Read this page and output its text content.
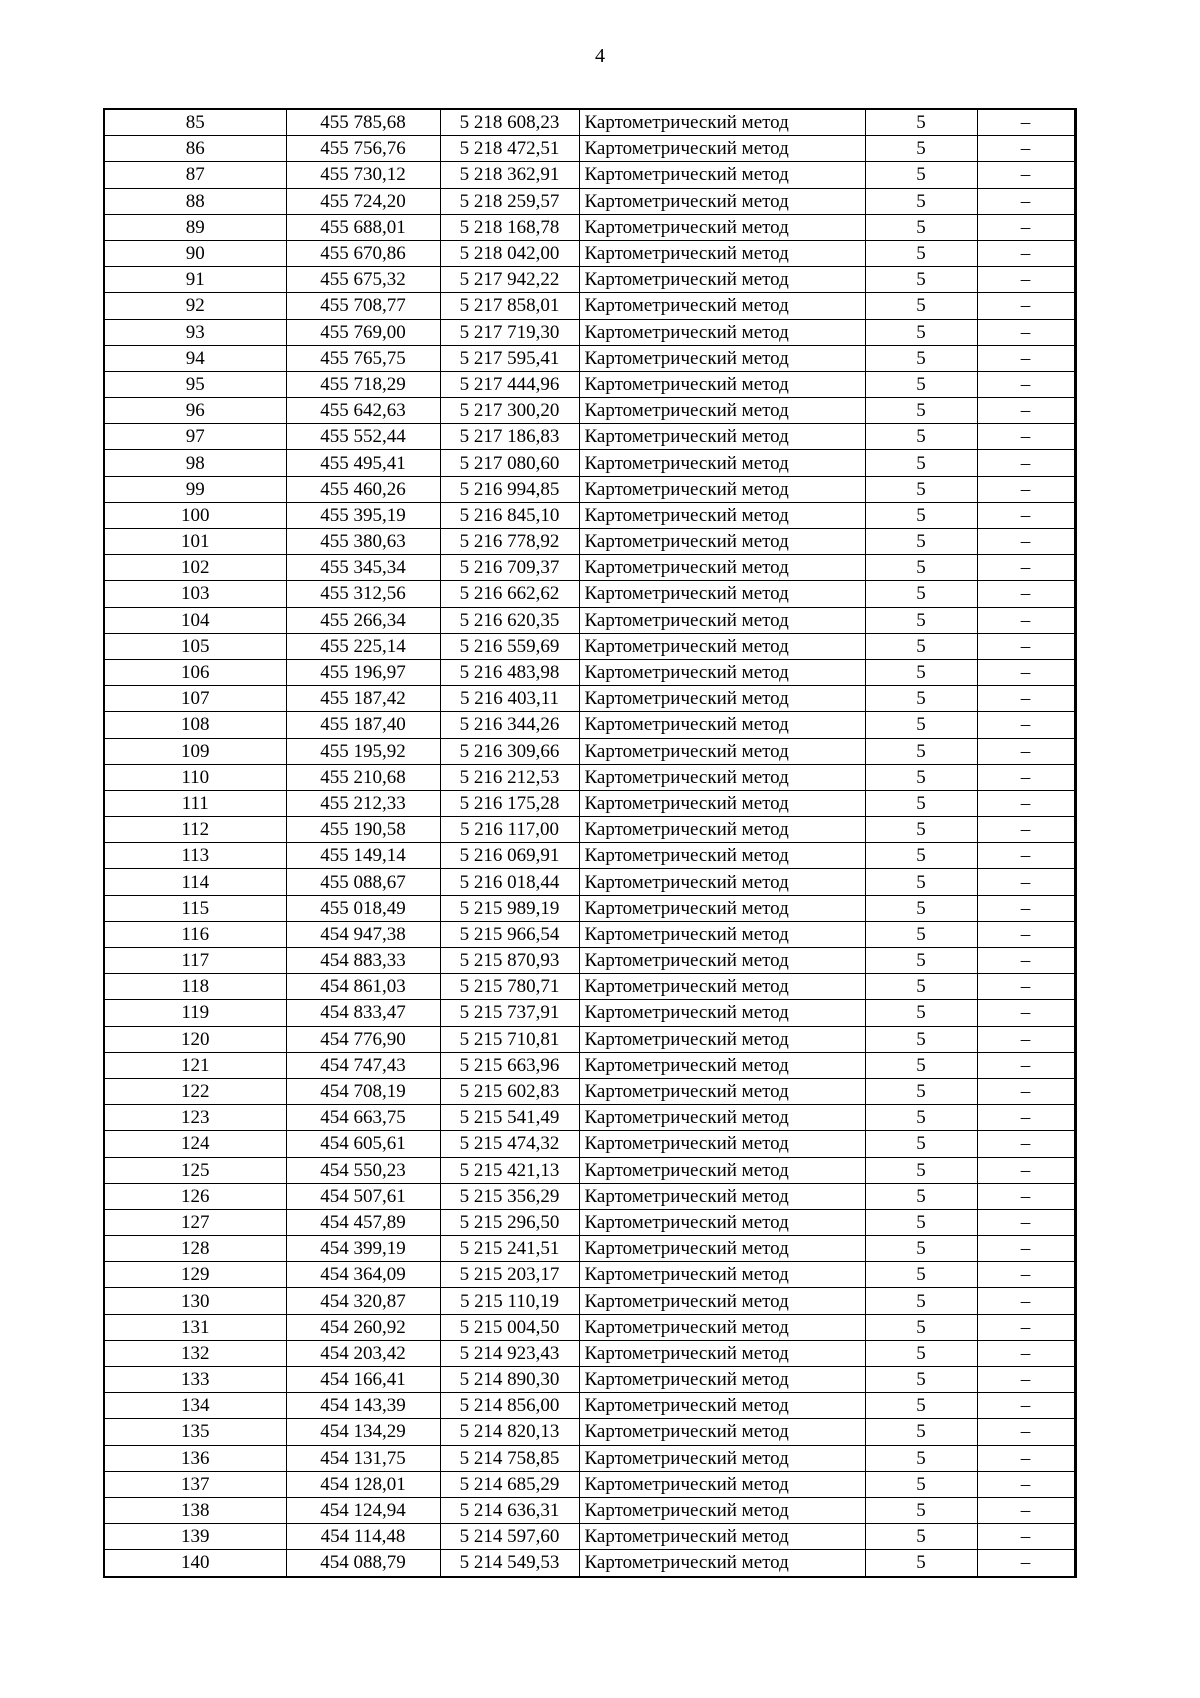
4
85	455 785,68	5 218 608,23	Картометрический метод	5	–
86	455 756,76	5 218 472,51	Картометрический метод	5	–
87	455 730,12	5 218 362,91	Картометрический метод	5	–
88	455 724,20	5 218 259,57	Картометрический метод	5	–
89	455 688,01	5 218 168,78	Картометрический метод	5	–
90	455 670,86	5 218 042,00	Картометрический метод	5	–
91	455 675,32	5 217 942,22	Картометрический метод	5	–
92	455 708,77	5 217 858,01	Картометрический метод	5	–
93	455 769,00	5 217 719,30	Картометрический метод	5	–
94	455 765,75	5 217 595,41	Картометрический метод	5	–
95	455 718,29	5 217 444,96	Картометрический метод	5	–
96	455 642,63	5 217 300,20	Картометрический метод	5	–
97	455 552,44	5 217 186,83	Картометрический метод	5	–
98	455 495,41	5 217 080,60	Картометрический метод	5	–
99	455 460,26	5 216 994,85	Картометрический метод	5	–
100	455 395,19	5 216 845,10	Картометрический метод	5	–
101	455 380,63	5 216 778,92	Картометрический метод	5	–
102	455 345,34	5 216 709,37	Картометрический метод	5	–
103	455 312,56	5 216 662,62	Картометрический метод	5	–
104	455 266,34	5 216 620,35	Картометрический метод	5	–
105	455 225,14	5 216 559,69	Картометрический метод	5	–
106	455 196,97	5 216 483,98	Картометрический метод	5	–
107	455 187,42	5 216 403,11	Картометрический метод	5	–
108	455 187,40	5 216 344,26	Картометрический метод	5	–
109	455 195,92	5 216 309,66	Картометрический метод	5	–
110	455 210,68	5 216 212,53	Картометрический метод	5	–
111	455 212,33	5 216 175,28	Картометрический метод	5	–
112	455 190,58	5 216 117,00	Картометрический метод	5	–
113	455 149,14	5 216 069,91	Картометрический метод	5	–
114	455 088,67	5 216 018,44	Картометрический метод	5	–
115	455 018,49	5 215 989,19	Картометрический метод	5	–
116	454 947,38	5 215 966,54	Картометрический метод	5	–
117	454 883,33	5 215 870,93	Картометрический метод	5	–
118	454 861,03	5 215 780,71	Картометрический метод	5	–
119	454 833,47	5 215 737,91	Картометрический метод	5	–
120	454 776,90	5 215 710,81	Картометрический метод	5	–
121	454 747,43	5 215 663,96	Картометрический метод	5	–
122	454 708,19	5 215 602,83	Картометрический метод	5	–
123	454 663,75	5 215 541,49	Картометрический метод	5	–
124	454 605,61	5 215 474,32	Картометрический метод	5	–
125	454 550,23	5 215 421,13	Картометрический метод	5	–
126	454 507,61	5 215 356,29	Картометрический метод	5	–
127	454 457,89	5 215 296,50	Картометрический метод	5	–
128	454 399,19	5 215 241,51	Картометрический метод	5	–
129	454 364,09	5 215 203,17	Картометрический метод	5	–
130	454 320,87	5 215 110,19	Картометрический метод	5	–
131	454 260,92	5 215 004,50	Картометрический метод	5	–
132	454 203,42	5 214 923,43	Картометрический метод	5	–
133	454 166,41	5 214 890,30	Картометрический метод	5	–
134	454 143,39	5 214 856,00	Картометрический метод	5	–
135	454 134,29	5 214 820,13	Картометрический метод	5	–
136	454 131,75	5 214 758,85	Картометрический метод	5	–
137	454 128,01	5 214 685,29	Картометрический метод	5	–
138	454 124,94	5 214 636,31	Картометрический метод	5	–
139	454 114,48	5 214 597,60	Картометрический метод	5	–
140	454 088,79	5 214 549,53	Картометрический метод	5	–
